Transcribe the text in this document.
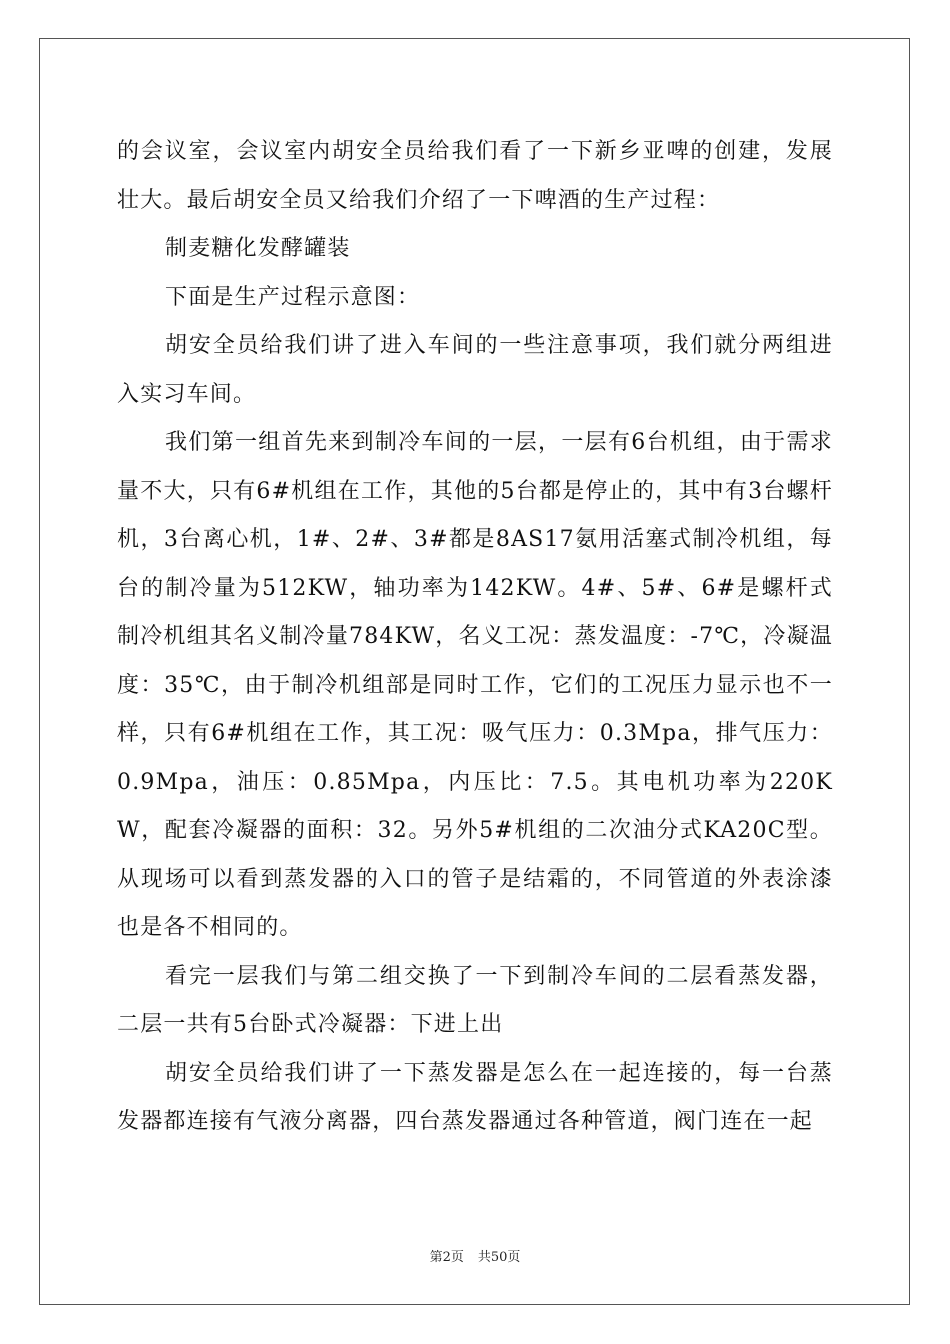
的会议室，会议室内胡安全员给我们看了一下新乡亚啤的创建，发展壮大。最后胡安全员又给我们介绍了一下啤酒的生产过程：

制麦糖化发酵罐装

下面是生产过程示意图：

胡安全员给我们讲了进入车间的一些注意事项，我们就分两组进入实习车间。

我们第一组首先来到制冷车间的一层，一层有6台机组，由于需求量不大，只有6#机组在工作，其他的5台都是停止的，其中有3台螺杆机，3台离心机，1#、2#、3#都是8AS17氨用活塞式制冷机组，每台的制冷量为512KW，轴功率为142KW。4#、5#、6#是螺杆式制冷机组其名义制冷量784KW，名义工况：蒸发温度：-7℃，冷凝温度：35℃，由于制冷机组部是同时工作，它们的工况压力显示也不一样，只有6#机组在工作，其工况：吸气压力：0.3Mpa，排气压力：0.9Mpa，油压：0.85Mpa，内压比：7.5。其电机功率为220KW，配套冷凝器的面积：32。另外5#机组的二次油分式KA20C型。从现场可以看到蒸发器的入口的管子是结霜的，不同管道的外表涂漆也是各不相同的。

看完一层我们与第二组交换了一下到制冷车间的二层看蒸发器，二层一共有5台卧式冷凝器：下进上出

胡安全员给我们讲了一下蒸发器是怎么在一起连接的，每一台蒸发器都连接有气液分离器，四台蒸发器通过各种管道，阀门连在一起

第2页 共50页
